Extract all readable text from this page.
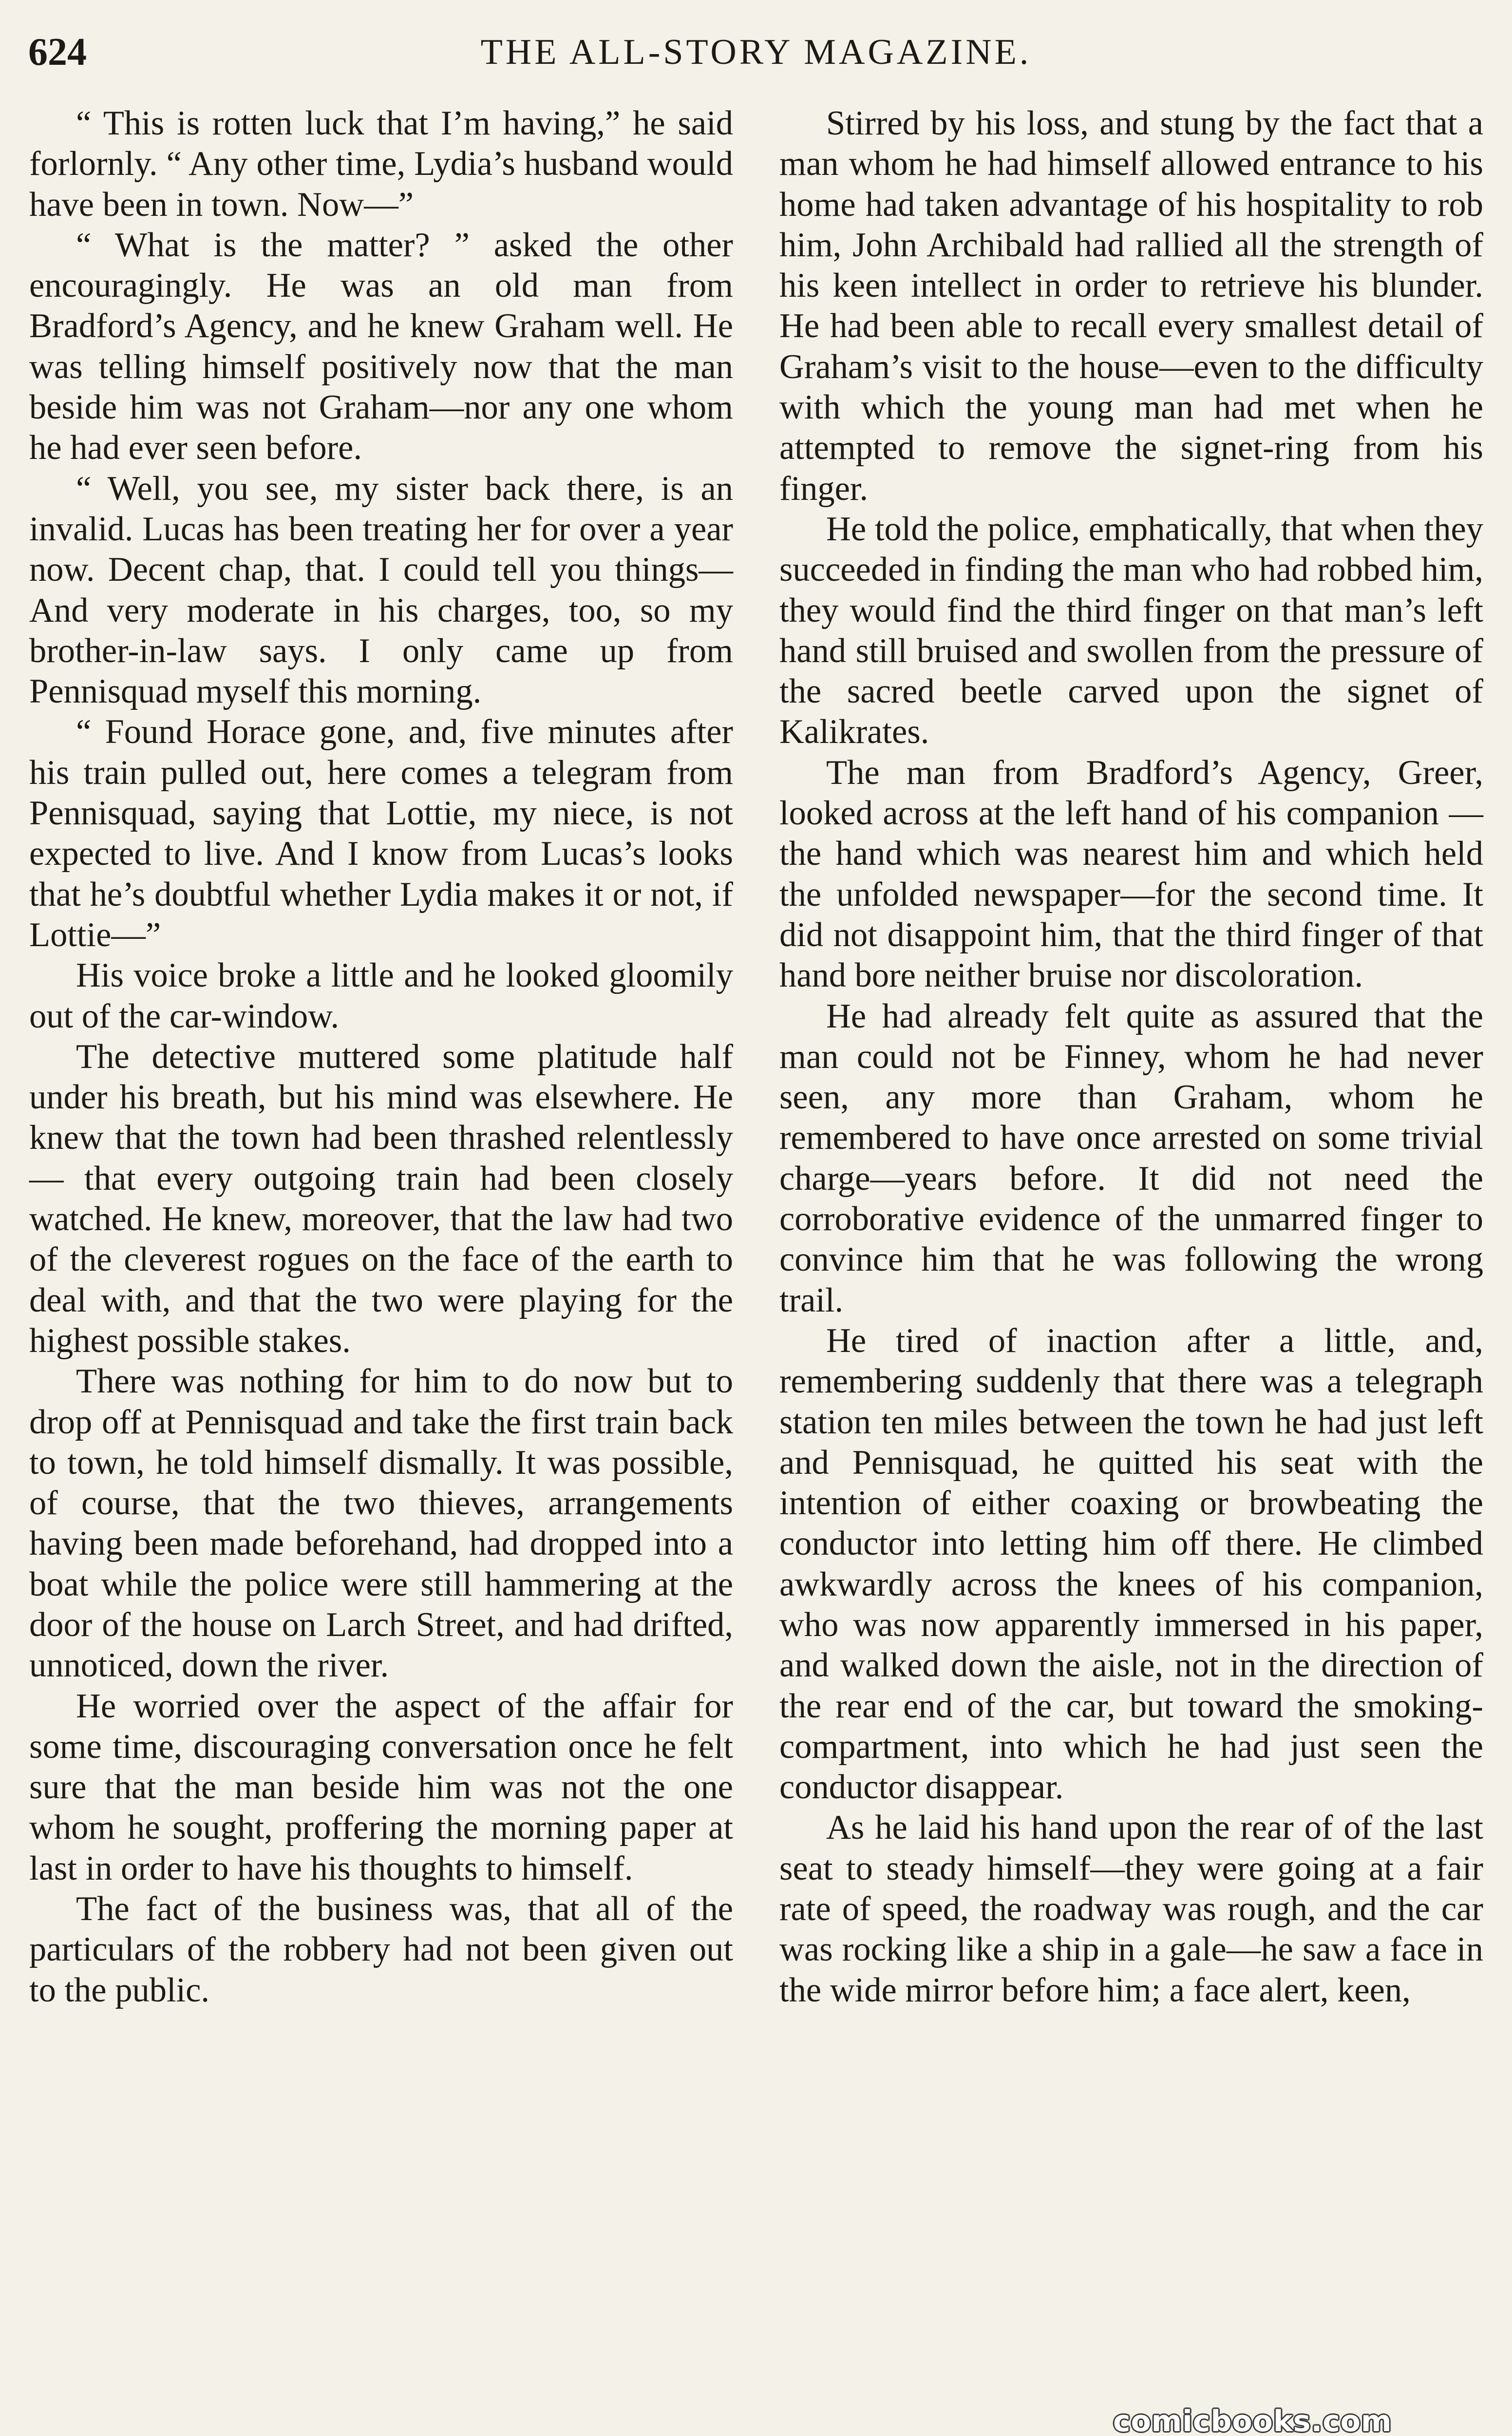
624	THE ALL-STORY MAGAZINE.

“ This is rotten luck that I’m having,” he said forlornly. “ Any other time, Lydia’s husband would have been in town. Now—”

“ What is the matter? ” asked the other encouragingly. He was an old man from Bradford’s Agency, and he knew Graham well. He was telling himself positively now that the man beside him was not Graham—nor any one whom he had ever seen before.

“ Well, you see, my sister back there, is an invalid. Lucas has been treating her for over a year now. Decent chap, that. I could tell you things— And very moderate in his charges, too, so my brother-in-law says. I only came up from Pennisquad myself this morning.

“ Found Horace gone, and, five minutes after his train pulled out, here comes a telegram from Pennisquad, saying that Lottie, my niece, is not expected to live. And I know from Lucas’s looks that he’s doubtful whether Lydia makes it or not, if Lottie—”

His voice broke a little and he looked gloomily out of the car-window.

The detective muttered some platitude half under his breath, but his mind was elsewhere. He knew that the town had been thrashed relentlessly — that every outgoing train had been closely watched. He knew, moreover, that the law had two of the cleverest rogues on the face of the earth to deal with, and that the two were playing for the highest possible stakes.

There was nothing for him to do now but to drop off at Pennisquad and take the first train back to town, he told himself dismally. It was possible, of course, that the two thieves, arrangements having been made beforehand, had dropped into a boat while the police were still hammering at the door of the house on Larch Street, and had drifted, unnoticed, down the river.

He worried over the aspect of the affair for some time, discouraging conversation once he felt sure that the man beside him was not the one whom he sought, proffering the morning paper at last in order to have his thoughts to himself.

The fact of the business was, that all of the particulars of the robbery had not been given out to the public.

Stirred by his loss, and stung by the fact that a man whom he had himself allowed entrance to his home had taken advantage of his hospitality to rob him, John Archibald had rallied all the strength of his keen intellect in order to retrieve his blunder. He had been able to recall every smallest detail of Graham’s visit to the house—even to the difficulty with which the young man had met when he attempted to remove the signet-ring from his finger.

He told the police, emphatically, that when they succeeded in finding the man who had robbed him, they would find the third finger on that man’s left hand still bruised and swollen from the pressure of the sacred beetle carved upon the signet of Kalikrates.

The man from Bradford’s Agency, Greer, looked across at the left hand of his companion — the hand which was nearest him and which held the unfolded newspaper—for the second time. It did not disappoint him, that the third finger of that hand bore neither bruise nor discoloration.

He had already felt quite as assured that the man could not be Finney, whom he had never seen, any more than Graham, whom he remembered to have once arrested on some trivial charge—years before. It did not need the corroborative evidence of the unmarred finger to convince him that he was following the wrong trail.

He tired of inaction after a little, and, remembering suddenly that there was a telegraph station ten miles between the town he had just left and Pennisquad, he quitted his seat with the intention of either coaxing or browbeating the conductor into letting him off there. He climbed awkwardly across the knees of his companion, who was now apparently immersed in his paper, and walked down the aisle, not in the direction of the rear end of the car, but toward the smoking-compartment, into which he had just seen the conductor disappear.

As he laid his hand upon the rear of of the last seat to steady himself—they were going at a fair rate of speed, the roadway was rough, and the car was rocking like a ship in a gale—he saw a face in the wide mirror before him; a face alert, keen,

comicbooks.com
